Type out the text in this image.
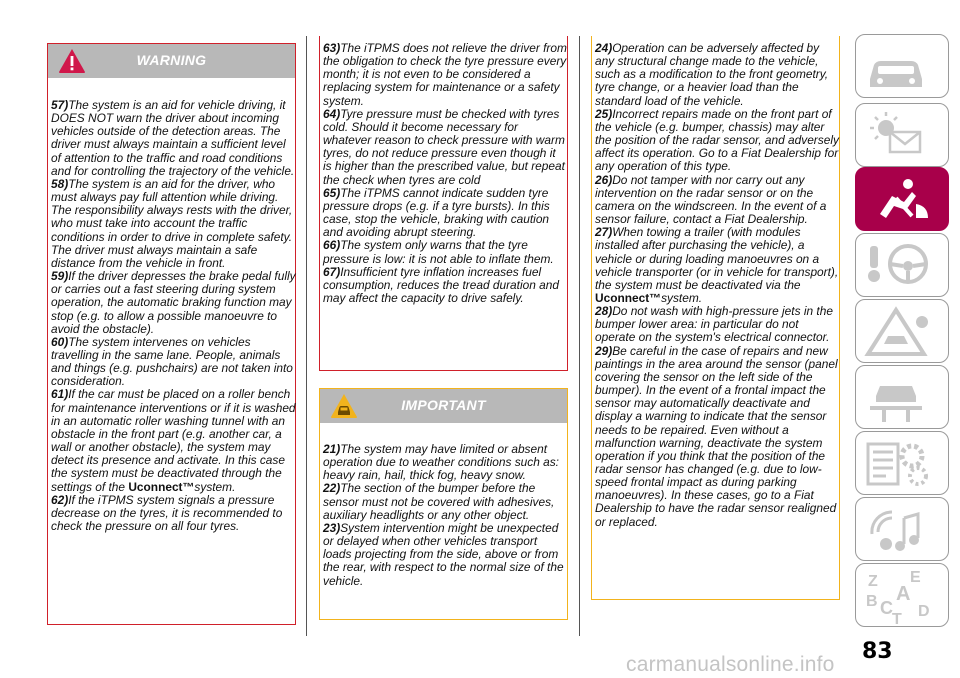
WARNING

57)The system is an aid for vehicle driving, it DOES NOT warn the driver about incoming vehicles outside of the detection areas. The driver must always maintain a sufficient level of attention to the traffic and road conditions and for controlling the trajectory of the vehicle.

58)The system is an aid for the driver, who must always pay full attention while driving. The responsibility always rests with the driver, who must take into account the traffic conditions in order to drive in complete safety. The driver must always maintain a safe distance from the vehicle in front.

59)If the driver depresses the brake pedal fully or carries out a fast steering during system operation, the automatic braking function may stop (e.g. to allow a possible manoeuvre to avoid the obstacle).

60)The system intervenes on vehicles travelling in the same lane. People, animals and things (e.g. pushchairs) are not taken into consideration.

61)If the car must be placed on a roller bench for maintenance interventions or if it is washed in an automatic roller washing tunnel with an obstacle in the front part (e.g. another car, a wall or another obstacle), the system may detect its presence and activate. In this case the system must be deactivated through the settings of the Uconnect™system.

62)If the iTPMS system signals a pressure decrease on the tyres, it is recommended to check the pressure on all four tyres.

63)The iTPMS does not relieve the driver from the obligation to check the tyre pressure every month; it is not even to be considered a replacing system for maintenance or a safety system.

64)Tyre pressure must be checked with tyres cold. Should it become necessary for whatever reason to check pressure with warm tyres, do not reduce pressure even though it is higher than the prescribed value, but repeat the check when tyres are cold

65)The iTPMS cannot indicate sudden tyre pressure drops (e.g. if a tyre bursts). In this case, stop the vehicle, braking with caution and avoiding abrupt steering.

66)The system only warns that the tyre pressure is low: it is not able to inflate them.

67)Insufficient tyre inflation increases fuel consumption, reduces the tread duration and may affect the capacity to drive safely.

IMPORTANT

21)The system may have limited or absent operation due to weather conditions such as: heavy rain, hail, thick fog, heavy snow.

22)The section of the bumper before the sensor must not be covered with adhesives, auxiliary headlights or any other object.

23)System intervention might be unexpected or delayed when other vehicles transport loads projecting from the side, above or from the rear, with respect to the normal size of the vehicle.

24)Operation can be adversely affected by any structural change made to the vehicle, such as a modification to the front geometry, tyre change, or a heavier load than the standard load of the vehicle.

25)Incorrect repairs made on the front part of the vehicle (e.g. bumper, chassis) may alter the position of the radar sensor, and adversely affect its operation. Go to a Fiat Dealership for any operation of this type.

26)Do not tamper with nor carry out any intervention on the radar sensor or on the camera on the windscreen. In the event of a sensor failure, contact a Fiat Dealership.

27)When towing a trailer (with modules installed after purchasing the vehicle), a vehicle or during loading manoeuvres on a vehicle transporter (or in vehicle for transport), the system must be deactivated via the Uconnect™system.

28)Do not wash with high-pressure jets in the bumper lower area: in particular do not operate on the system's electrical connector.

29)Be careful in the case of repairs and new paintings in the area around the sensor (panel covering the sensor on the left side of the bumper). In the event of a frontal impact the sensor may automatically deactivate and display a warning to indicate that the sensor needs to be repaired. Even without a malfunction warning, deactivate the system operation if you think that the position of the radar sensor has changed (e.g. due to low-speed frontal impact as during parking manoeuvres). In these cases, go to a Fiat Dealership to have the radar sensor realigned or replaced.

Z E
A
B C
T D
83
carmanualsonline.info
